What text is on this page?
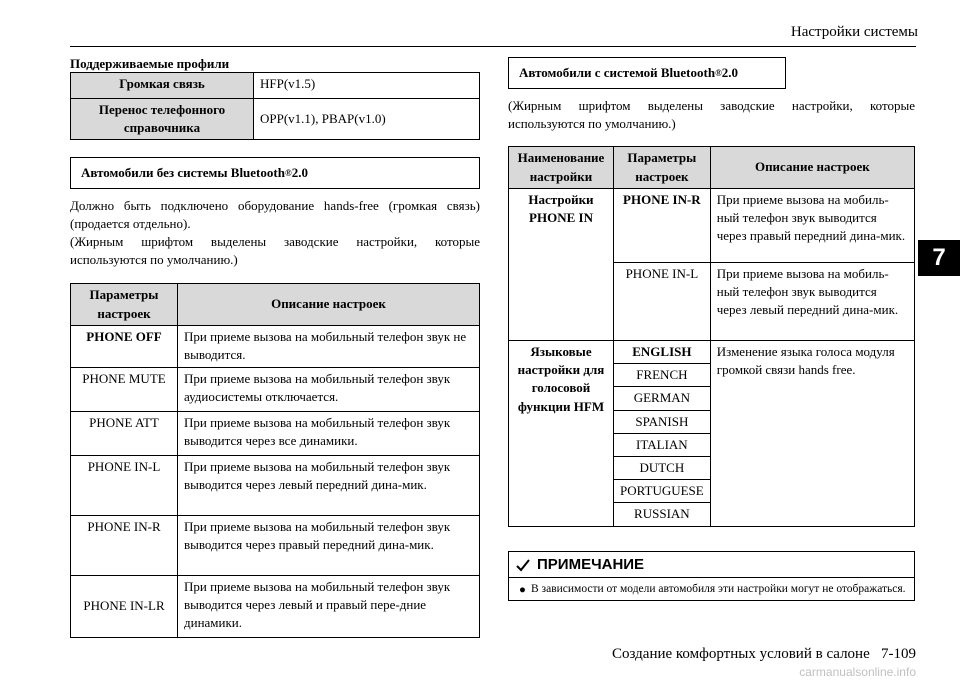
Настройки системы
7
Поддерживаемые профили
Громкая связь	HFP(v1.5)
Перенос телефонного справочника	OPP(v1.1), PBAP(v1.0)
Автомобили без системы Bluetooth ® 2.0
Должно быть подключено оборудование hands-free (громкая связь) (продается отдельно).
(Жирным шрифтом выделены заводские настройки, которые используются по умолчанию.)
Параметры настроек	Описание настроек
PHONE OFF	При приеме вызова на мобильный телефон звук не выводится.
PHONE MUTE	При приеме вызова на мобильный телефон звук аудиосистемы отключается.
PHONE ATT	При приеме вызова на мобильный телефон звук выводится через все динамики.
PHONE IN-L	При приеме вызова на мобильный телефон звук выводится через левый передний дина-мик.
PHONE IN-R	При приеме вызова на мобильный телефон звук выводится через правый передний дина-мик.
PHONE IN-LR	При приеме вызова на мобильный телефон звук выводится через левый и правый пере-дние динамики.
Автомобили с системой Bluetooth ® 2.0
(Жирным шрифтом выделены заводские настройки, которые используются по умолчанию.)
Наименование настройки	Параметры настроек	Описание настроек
Настройки PHONE IN	PHONE IN-R	При приеме вызова на мобиль-ный телефон звук выводится через правый передний дина-мик.
PHONE IN-L	При приеме вызова на мобиль-ный телефон звук выводится через левый передний дина-мик.
Языковые настройки для голосовой функции HFM	ENGLISH	Изменение языка голоса модуля громкой связи hands free.
FRENCH
GERMAN
SPANISH
ITALIAN
DUTCH
PORTUGUESE
RUSSIAN
ПРИМЕЧАНИЕ
● В зависимости от модели автомобиля эти настройки могут не отображаться.
Создание комфортных условий в салоне 7-109
carmanualsonline.info
